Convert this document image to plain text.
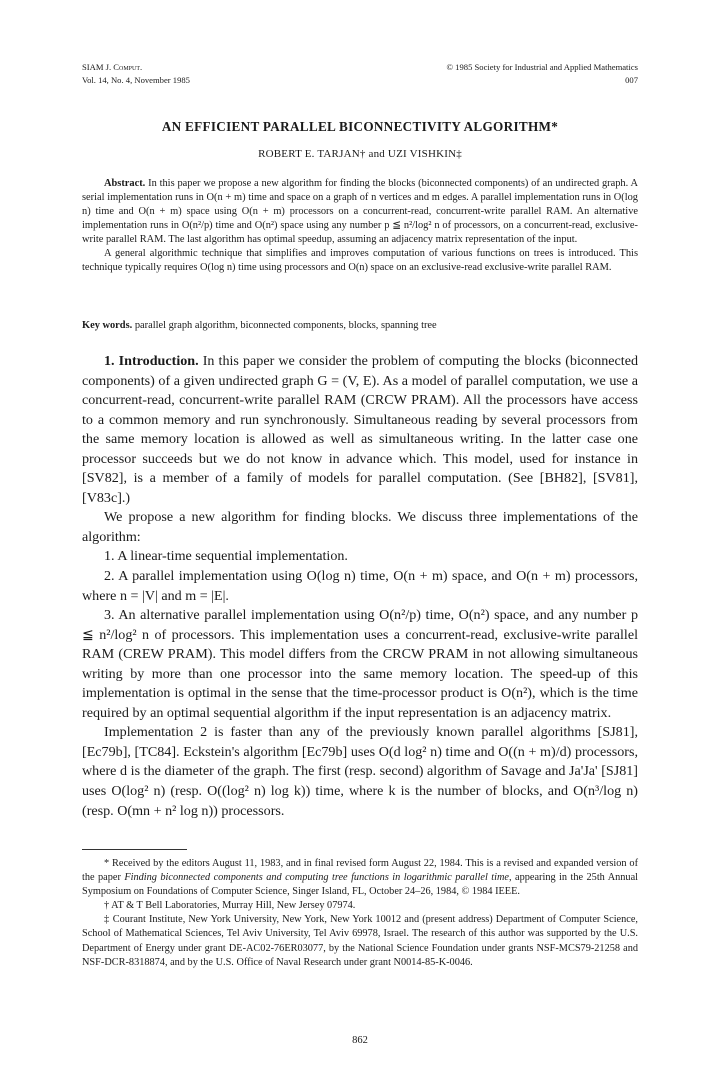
SIAM J. Comput.
Vol. 14, No. 4, November 1985
© 1985 Society for Industrial and Applied Mathematics
007
AN EFFICIENT PARALLEL BICONNECTIVITY ALGORITHM*
ROBERT E. TARJAN† and UZI VISHKIN‡

Abstract. In this paper we propose a new algorithm for finding the blocks (biconnected components) of an undirected graph. A serial implementation runs in O(n + m) time and space on a graph of n vertices and m edges. A parallel implementation runs in O(log n) time and O(n + m) space using O(n + m) processors on a concurrent-read, concurrent-write parallel RAM. An alternative implementation runs in O(n²/p) time and O(n²) space using any number p ≦ n²/log² n of processors, on a concurrent-read, exclusive-write parallel RAM. The last algorithm has optimal speedup, assuming an adjacency matrix representation of the input.

A general algorithmic technique that simplifies and improves computation of various functions on trees is introduced. This technique typically requires O(log n) time using processors and O(n) space on an exclusive-read exclusive-write parallel RAM.

Key words. parallel graph algorithm, biconnected components, blocks, spanning tree

1. Introduction. In this paper we consider the problem of computing the blocks (biconnected components) of a given undirected graph G = (V, E). As a model of parallel computation, we use a concurrent-read, concurrent-write parallel RAM (CRCW PRAM). All the processors have access to a common memory and run synchronously. Simultaneous reading by several processors from the same memory location is allowed as well as simultaneous writing. In the latter case one processor succeeds but we do not know in advance which. This model, used for instance in [SV82], is a member of a family of models for parallel computation. (See [BH82], [SV81], [V83c].)

We propose a new algorithm for finding blocks. We discuss three implementations of the algorithm:

1. A linear-time sequential implementation.

2. A parallel implementation using O(log n) time, O(n + m) space, and O(n + m) processors, where n = |V| and m = |E|.

3. An alternative parallel implementation using O(n²/p) time, O(n²) space, and any number p ≦ n²/log² n of processors. This implementation uses a concurrent-read, exclusive-write parallel RAM (CREW PRAM). This model differs from the CRCW PRAM in not allowing simultaneous writing by more than one processor into the same memory location. The speed-up of this implementation is optimal in the sense that the time-processor product is O(n²), which is the time required by an optimal sequential algorithm if the input representation is an adjacency matrix.

Implementation 2 is faster than any of the previously known parallel algorithms [SJ81], [Ec79b], [TC84]. Eckstein's algorithm [Ec79b] uses O(d log² n) time and O((n + m)/d) processors, where d is the diameter of the graph. The first (resp. second) algorithm of Savage and Ja'Ja' [SJ81] uses O(log² n) (resp. O((log² n) log k)) time, where k is the number of blocks, and O(n³/log n) (resp. O(mn + n² log n)) processors.

* Received by the editors August 11, 1983, and in final revised form August 22, 1984. This is a revised and expanded version of the paper Finding biconnected components and computing tree functions in logarithmic parallel time, appearing in the 25th Annual Symposium on Foundations of Computer Science, Singer Island, FL, October 24–26, 1984, © 1984 IEEE.

† AT & T Bell Laboratories, Murray Hill, New Jersey 07974.

‡ Courant Institute, New York University, New York, New York 10012 and (present address) Department of Computer Science, School of Mathematical Sciences, Tel Aviv University, Tel Aviv 69978, Israel. The research of this author was supported by the U.S. Department of Energy under grant DE-AC02-76ER03077, by the National Science Foundation under grants NSF-MCS79-21258 and NSF-DCR-8318874, and by the U.S. Office of Naval Research under grant N0014-85-K-0046.

862
